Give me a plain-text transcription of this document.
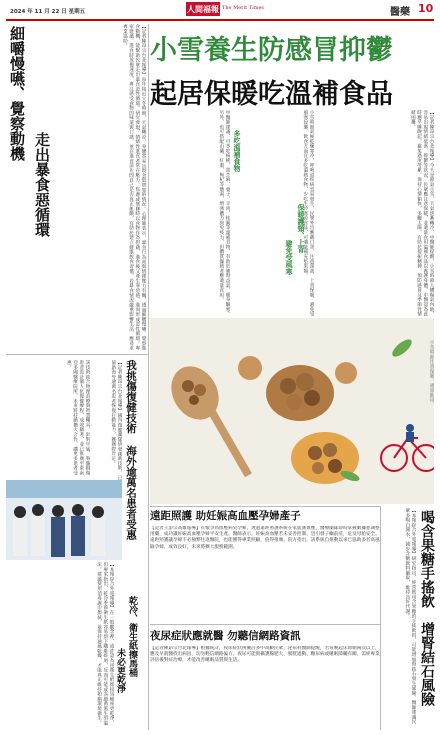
2024 年 11 月 22 日 星期五	人間福報 The Merit Times	醫藥 10
細嚼慢嚥、覺察動機
走出暴食惡循環
【記者陳昂宗台北報導】每年接近立冬時節，天氣轉涼，身體容易出現食慾增加的情況。心理師表示，暴食行為常與情緒壓力有關，透過細嚼慢嚥、覺察進食動機，能幫助民眾走出暴食惡性循環。研究發現，情緒性進食者常在壓力、焦慮或無聊時以食物作為慰藉，進食後又產生罪惡感，進而形成惡性循環。專家建議，進食時放慢速度，專注感受食物的味道與口感，並在進食前先問自己是否真正飢餓，有助於建立健康飲食習慣。若暴食情況嚴重影響生活，應尋求專業協助。 小雪養生防感冒抑鬱
起居保暖吃溫補食品
【記者陳昂宗台北報導】今天是節氣小雪，天氣逐漸轉冷，中醫師提醒，小雪時節人體陽氣內斂，容易出現情緒低落、抑鬱等狀況，民眾應注意保暖，並適量食用溫補食品以養護身體。中醫認為此時應早睡晚起，避免過度勞累，保持心情愉快，多曬太陽，有助於提振精神，預防感冒及季節性情緒困擾。
小雪時節氣候乾燥寒冷，呼吸道疾病容易發生，民眾外出應戴口罩，注意頸部、上背保暖，避免受風寒侵襲。飲食方面宜多吃溫熱食物，少吃生冷寒涼食品，可適量補充堅果類。
多吃溫補食物
中醫師建議，可多吃核桃、黑芝麻、栗子、羊肉、桂圓等溫補食物，有助於補腎益氣、暖身驅寒。另外，也可搭配山藥、紅棗、枸杞等燉湯，增強體力與免疫力，但體質燥熱者應適量食用。	保暖護頸、上背
避免受風寒
小雪時節注意保暖、適量飲用
我挑傷復健技術 海外逾萬名患者受惠
【記者陳昂宗台北報導】國內復健團隊研發創新技術，已協助海外逾萬名患者恢復行動能力，獲國際肯定。
該技術結合物理治療與智慧輔具，針對中風、脊髓損傷患者設計個人化復健療程，成效顯著，並已推廣至東南亞多國醫療院所，未來將持續擴大合作，讓更多患者受惠。
【本報綜合外電報導】在一般觀念裡，或許認為用衛生紙擦拭馬桶座更乾淨，但專家指出，乾冷季節衛生紙容易留下纖維碎屑，反而可能成為細菌滋生的溫床。建議使用消毒濕巾擦拭，並保持通風乾燥，才能真正維持如廁環境衛生。	乾冷、衛生紙擦馬桶
未必更乾淨
遠距照護 助妊娠高血壓孕婦產子
【記者王添宗高雄報導】有懷孕高血壓病史孕婦，透過遠距照護系統在家監測血壓，醫療團隊即時掌握數據並調整用藥，成功讓妊娠高血壓孕婦平安生產。醫師表示，妊娠高血壓若未妥善控制，恐引發子癲前症，危及母胎安全。遠距照護讓孕婦不必頻繁往返醫院，也能獲得專業照顧，值得推廣。院方指出，該系統自推動以來已協助多名高風險孕婦，成效良好，未來將擴大服務範圍。
夜尿症狀應就醫 勿聽信網路資訊
【記者陳昂宗台北報導】根據統計，夜尿症狀困擾許多中高齡民眾，泌尿科醫師提醒，若每晚起床如廁兩次以上，應及早就醫找出病因，切勿輕信網路偏方。夜尿可能與攝護腺肥大、膀胱過動、糖尿病或睡眠障礙有關，需經專業評估後對症治療，才能改善睡眠品質與生活。
喝含果糖手搖飲
增腎結石風險
【本報綜合外電報導】研究指出，經常飲用含果糖的手搖飲料，可能增加腎結石發生風險。醫師建議民眾多喝白開水，減少含糖飲料攝取，維持良好代謝。
